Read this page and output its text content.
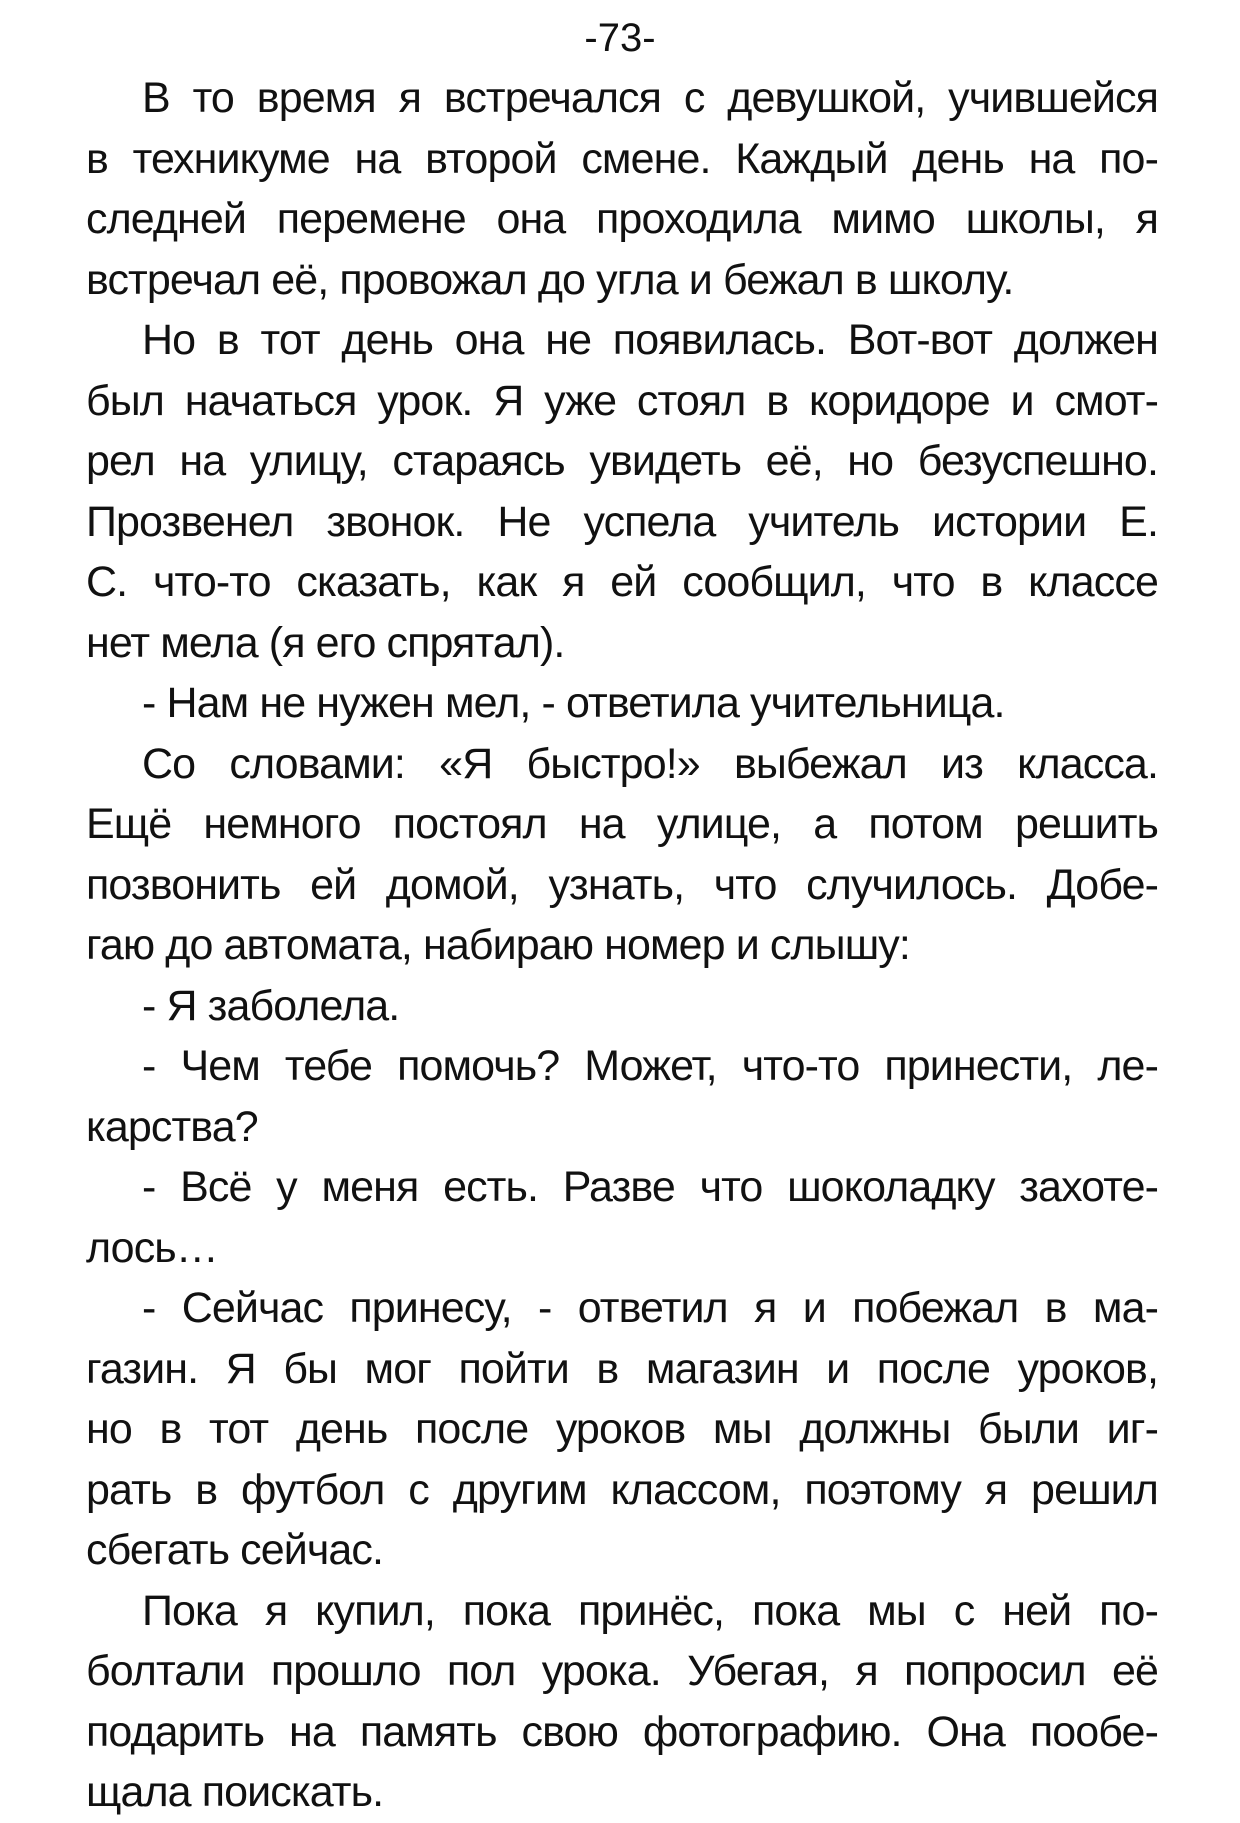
-73-

В то время я встречался с девушкой, учившейся
в техникуме на второй смене. Каждый день на по-
следней перемене она проходила мимо школы, я
встречал её, провожал до угла и бежал в школу.

Но в тот день она не появилась. Вот-вот должен
был начаться урок. Я уже стоял в коридоре и смот-
рел на улицу, стараясь увидеть её, но безуспешно.
Прозвенел звонок. Не успела учитель истории Е.
С. что-то сказать, как я ей сообщил, что в классе
нет мела (я его спрятал).

- Нам не нужен мел, - ответила учительница.

Со словами: «Я быстро!» выбежал из класса.
Ещё немного постоял на улице, а потом решить
позвонить ей домой, узнать, что случилось. Добе-
гаю до автомата, набираю номер и слышу:

- Я заболела.

- Чем тебе помочь? Может, что-то принести, ле-
карства?

- Всё у меня есть. Разве что шоколадку захоте-
лось…

- Сейчас принесу, - ответил я и побежал в ма-
газин. Я бы мог пойти в магазин и после уроков,
но в тот день после уроков мы должны были иг-
рать в футбол с другим классом, поэтому я решил
сбегать сейчас.

Пока я купил, пока принёс, пока мы с ней по-
болтали прошло пол урока. Убегая, я попросил её
подарить на память свою фотографию. Она пообе-
щала поискать.
